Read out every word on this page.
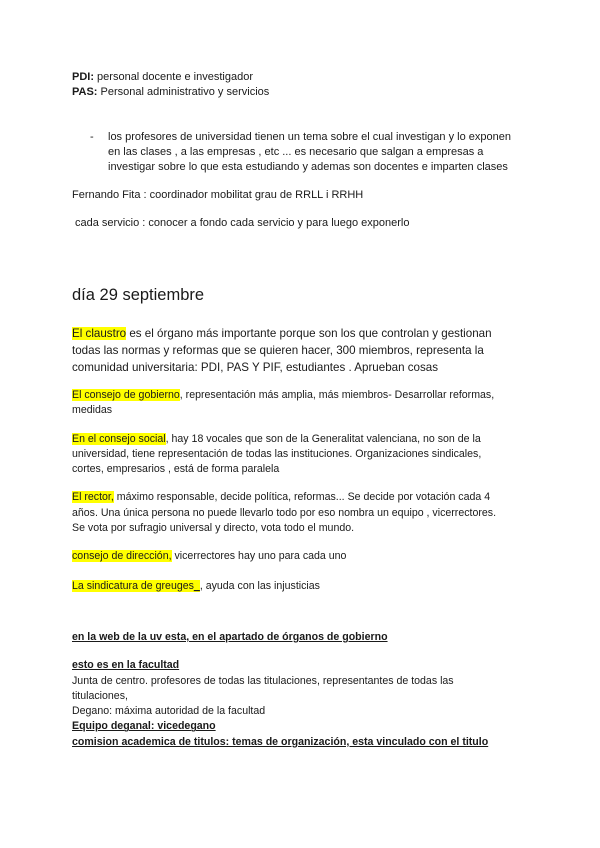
PDI: personal docente e investigador

PAS: Personal administrativo y servicios

- los profesores de universidad tienen un tema sobre el cual investigan y lo exponen

en las clases , a las empresas , etc ... es necesario que salgan a empresas a

investigar sobre lo que esta estudiando y ademas son docentes e imparten clases

Fernando Fita : coordinador mobilitat grau de RRLL i RRHH

cada servicio : conocer a fondo cada servicio y para luego exponerlo

día 29 septiembre

El claustro es el órgano más importante porque son los que controlan y gestionan

todas las normas y reformas que se quieren hacer, 300 miembros, representa la

comunidad universitaria: PDI, PAS Y PIF, estudiantes . Aprueban cosas

El consejo de gobierno, representación más amplia, más miembros- Desarrollar reformas,

medidas

En el consejo social, hay 18 vocales que son de la Generalitat valenciana, no son de la

universidad, tiene representación de todas las instituciones. Organizaciones sindicales,

cortes, empresarios , está de forma paralela

El rector, máximo responsable, decide política, reformas... Se decide por votación cada 4

años. Una única persona no puede llevarlo todo por eso nombra un equipo , vicerrectores.

Se vota por sufragio universal y directo, vota todo el mundo.

consejo de dirección, vicerrectores hay uno para cada uno

La sindicatura de greuges_, ayuda con las injusticias

en la web de la uv esta, en el apartado de órganos de gobierno

esto es en la facultad

Junta de centro. profesores de todas las titulaciones, representantes de todas las

titulaciones,

Degano: máxima autoridad de la facultad

Equipo deganal: vicedegano

comision academica de titulos: temas de organización, esta vinculado con el titulo
